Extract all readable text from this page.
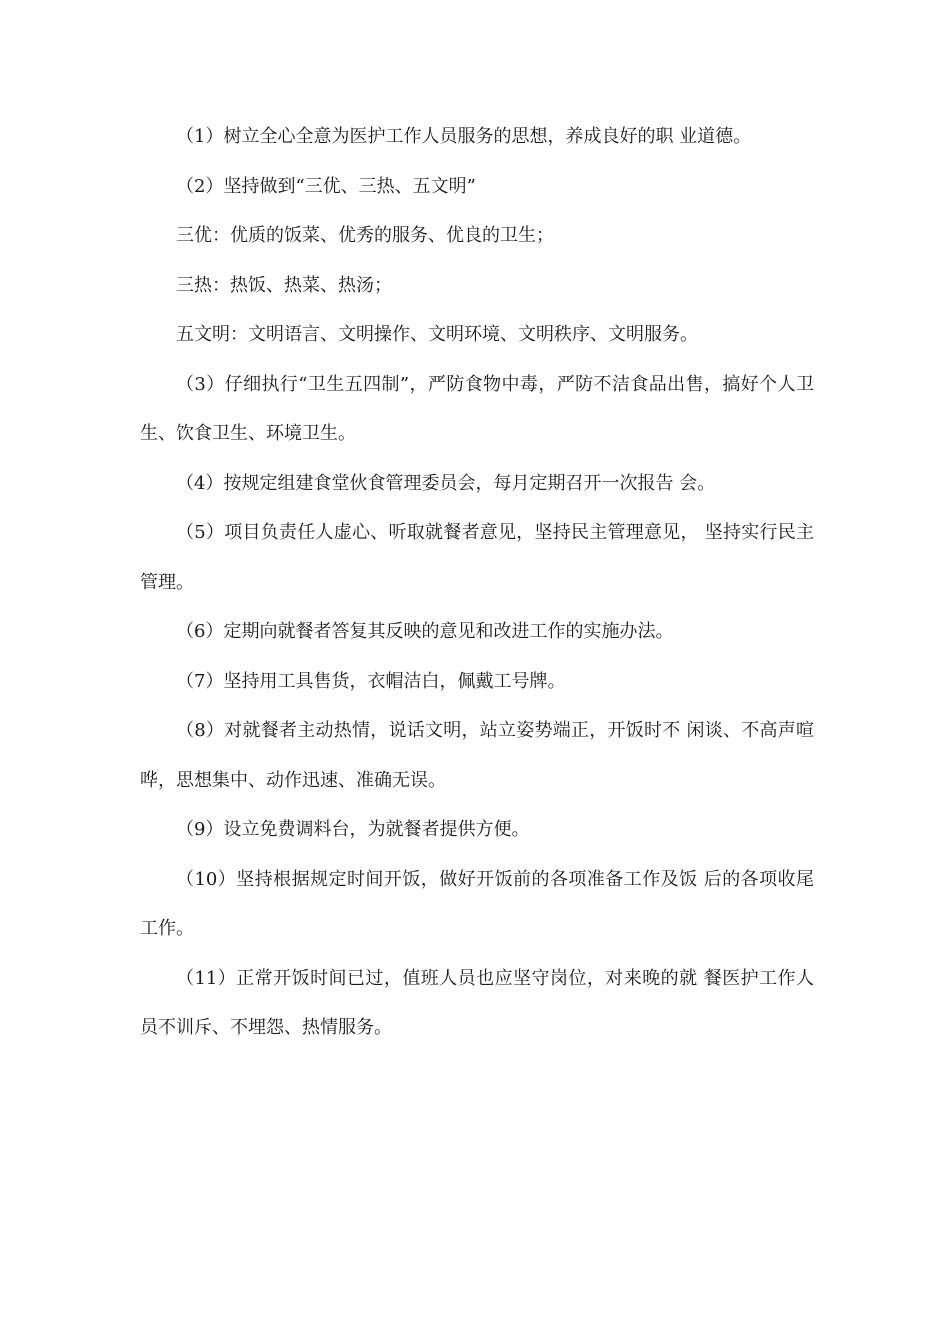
（1）树立全心全意为医护工作人员服务的思想，养成良好的职 业道德。

（2）坚持做到“三优、三热、五文明”

三优：优质的饭菜、优秀的服务、优良的卫生；

三热：热饭、热菜、热汤；

五文明：文明语言、文明操作、文明环境、文明秩序、文明服务。

（3）仔细执行“卫生五四制”，严防食物中毒，严防不洁食品出售，搞好个人卫生、饮食卫生、环境卫生。

（4）按规定组建食堂伙食管理委员会，每月定期召开一次报告 会。

（5）项目负责任人虚心、听取就餐者意见，坚持民主管理意见， 坚持实行民主管理。

（6）定期向就餐者答复其反映的意见和改进工作的实施办法。

（7）坚持用工具售货，衣帽洁白，佩戴工号牌。

（8）对就餐者主动热情，说话文明，站立姿势端正，开饭时不 闲谈、不高声喧哗，思想集中、动作迅速、准确无误。

（9）设立免费调料台，为就餐者提供方便。

（10）坚持根据规定时间开饭，做好开饭前的各项准备工作及饭 后的各项收尾工作。

（11）正常开饭时间已过，值班人员也应坚守岗位，对来晚的就 餐医护工作人员不训斥、不埋怨、热情服务。
